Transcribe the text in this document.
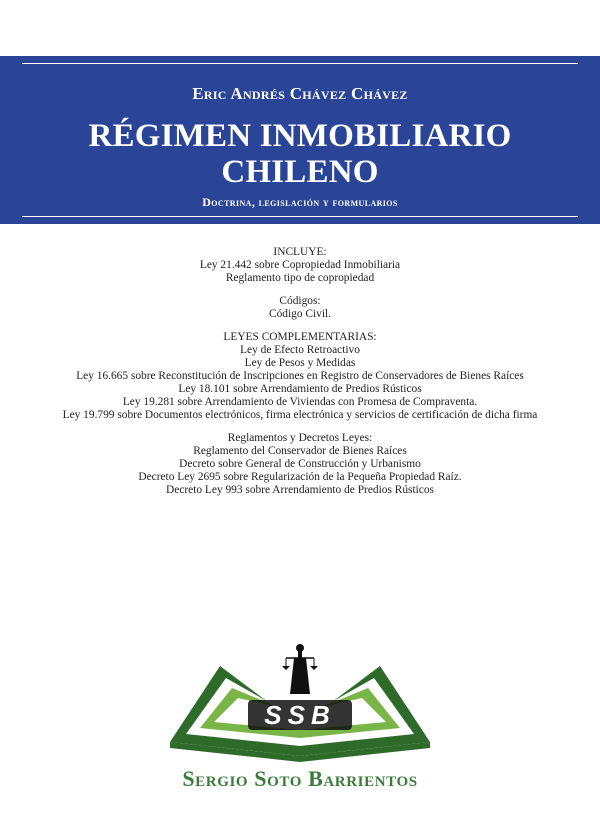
Eric Andrés Chávez Chávez
RÉGIMEN INMOBILIARIO
CHILENO
Doctrina, legislación y formularios
INCLUYE:
Ley 21.442 sobre Copropiedad Inmobiliaria
Reglamento tipo de copropiedad
Códigos:
Código Civil.
LEYES COMPLEMENTARIAS:
Ley de Efecto Retroactivo
Ley de Pesos y Medidas
Ley 16.665 sobre Reconstitución de Inscripciones en Registro de Conservadores de Bienes Raíces
Ley 18.101 sobre Arrendamiento de Predios Rústicos
Ley 19.281 sobre Arrendamiento de Viviendas con Promesa de Compraventa.
Ley 19.799 sobre Documentos electrónicos, firma electrónica y servicios de certificación de dicha firma
Reglamentos y Decretos Leyes:
Reglamento del Conservador de Bienes Raíces
Decreto sobre General de Construcción y Urbanismo
Decreto Ley 2695 sobre Regularización de la Pequeña Propiedad Raíz.
Decreto Ley 993 sobre Arrendamiento de Predios Rústicos
SSB
Sergio Soto Barrientos
